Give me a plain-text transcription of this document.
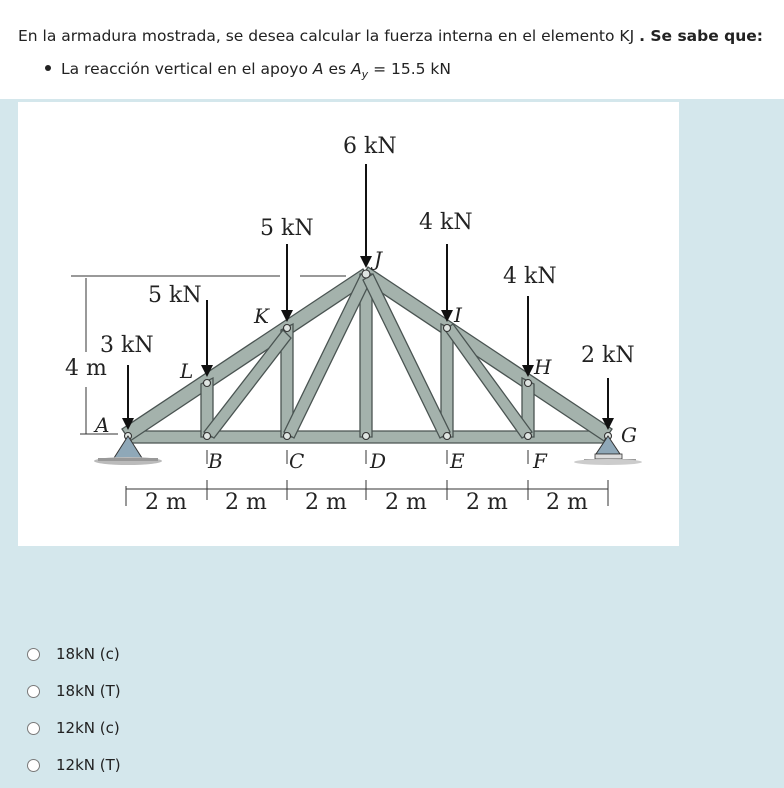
En la armadura mostrada, se desea calcular la fuerza interna en el elemento KJ . Se sabe que:
La reacción vertical en el apoyo A es $A_y = 15.5$ kN
6 kN
5 kN	4 kN
4 kN
5 kN
3 kN	2 kN
4 m
A
B	C	D	E	F
G
H
I
J
K
L
2 m 2 m 2 m 2 m 2 m 2 m
18kN (c)
18kN (T)
12kN (c)
12kN (T)
